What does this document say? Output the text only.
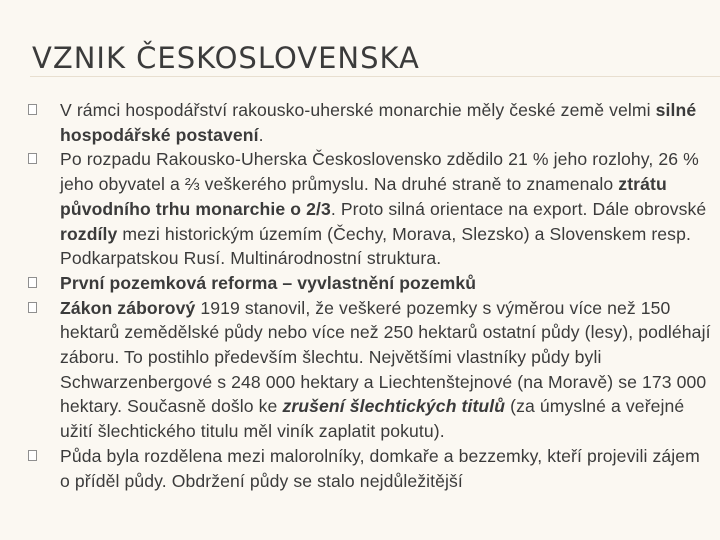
VZNIK ČESKOSLOVENSKA
V rámci hospodářství rakousko-uherské monarchie měly české země velmi silné hospodářské postavení.
Po rozpadu Rakousko-Uherska Československo zdědilo 21 % jeho rozlohy, 26 % jeho obyvatel a ⅔ veškerého průmyslu. Na druhé straně to znamenalo ztrátu původního trhu monarchie o 2/3. Proto silná orientace na export. Dále obrovské rozdíly mezi historickým územím (Čechy, Morava, Slezsko) a Slovenskem resp. Podkarpatskou Rusí. Multinárodnostní struktura.
První pozemková reforma – vyvlastnění pozemků
Zákon záborový 1919 stanovil, že veškeré pozemky s výměrou více než 150 hektarů zemědělské půdy nebo více než 250 hektarů ostatní půdy (lesy), podléhají záboru. To postihlo především šlechtu. Největšími vlastníky půdy byli Schwarzenbergové s 248 000 hektary a Liechtenštejnové (na Moravě) se 173 000 hektary. Současně došlo ke zrušení šlechtických titulů (za úmyslné a veřejné užití šlechtického titulu měl viník zaplatit pokutu).
Půda byla rozdělena mezi malorolníky, domkaře a bezzemky, kteří projevili zájem o příděl půdy. Obdržení půdy se stalo nejdůležitější
